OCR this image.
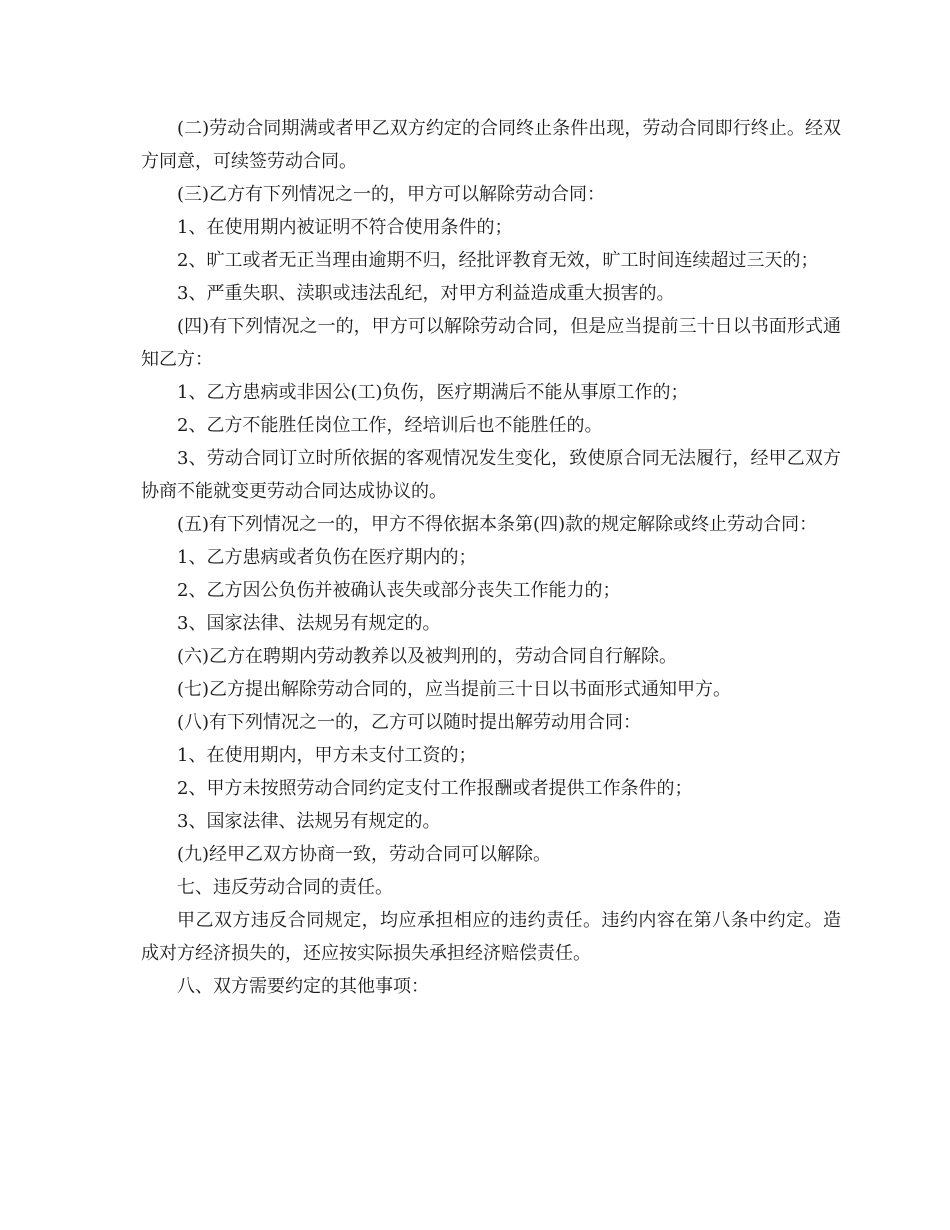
(二)劳动合同期满或者甲乙双方约定的合同终止条件出现，劳动合同即行终止。经双方同意，可续签劳动合同。

(三)乙方有下列情况之一的，甲方可以解除劳动合同：

1、在使用期内被证明不符合使用条件的；

2、旷工或者无正当理由逾期不归，经批评教育无效，旷工时间连续超过三天的；

3、严重失职、渎职或违法乱纪，对甲方利益造成重大损害的。

(四)有下列情况之一的，甲方可以解除劳动合同，但是应当提前三十日以书面形式通知乙方：

1、乙方患病或非因公(工)负伤，医疗期满后不能从事原工作的；

2、乙方不能胜任岗位工作，经培训后也不能胜任的。

3、劳动合同订立时所依据的客观情况发生变化，致使原合同无法履行，经甲乙双方协商不能就变更劳动合同达成协议的。

(五)有下列情况之一的，甲方不得依据本条第(四)款的规定解除或终止劳动合同：

1、乙方患病或者负伤在医疗期内的；

2、乙方因公负伤并被确认丧失或部分丧失工作能力的；

3、国家法律、法规另有规定的。

(六)乙方在聘期内劳动教养以及被判刑的，劳动合同自行解除。

(七)乙方提出解除劳动合同的，应当提前三十日以书面形式通知甲方。

(八)有下列情况之一的，乙方可以随时提出解劳动用合同：

1、在使用期内，甲方未支付工资的；

2、甲方未按照劳动合同约定支付工作报酬或者提供工作条件的；

3、国家法律、法规另有规定的。

(九)经甲乙双方协商一致，劳动合同可以解除。

七、违反劳动合同的责任。

甲乙双方违反合同规定，均应承担相应的违约责任。违约内容在第八条中约定。造成对方经济损失的，还应按实际损失承担经济赔偿责任。

八、双方需要约定的其他事项：
